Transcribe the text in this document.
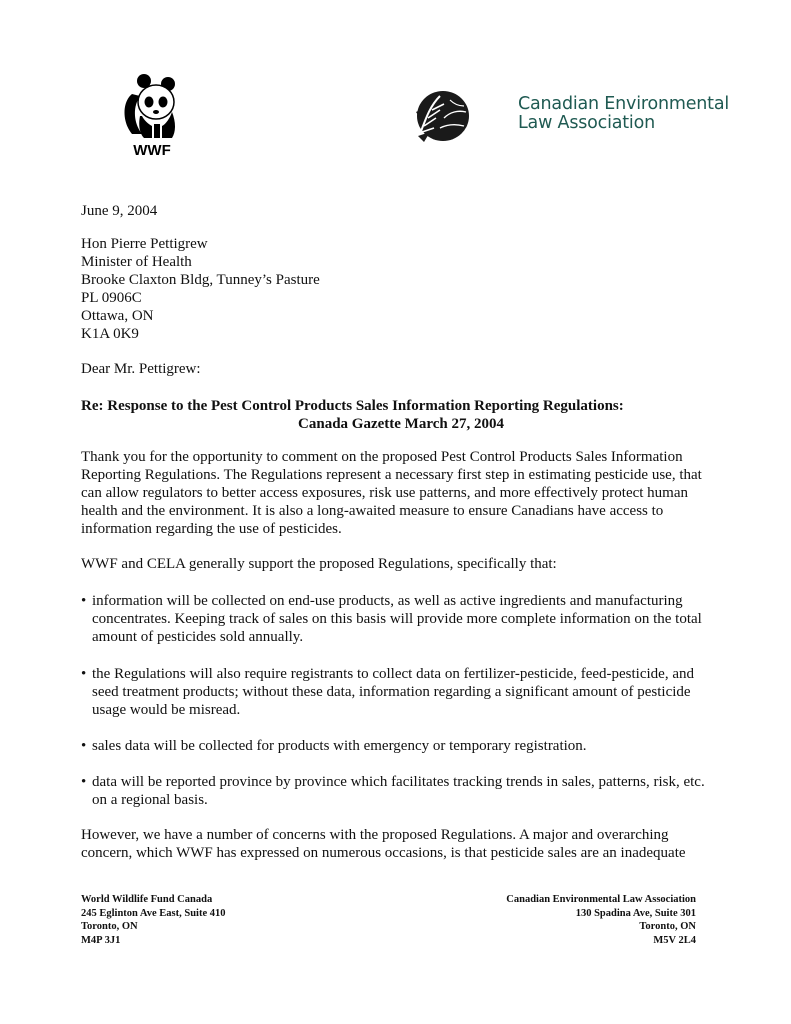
WWF
Canadian Environmental
Law Association
June 9, 2004
Hon Pierre Pettigrew
Minister of Health
Brooke Claxton Bldg, Tunney’s Pasture
PL 0906C
Ottawa, ON
K1A 0K9
Dear Mr. Pettigrew:
Re: Response to the Pest Control Products Sales Information Reporting Regulations:
Canada Gazette March 27, 2004
Thank you for the opportunity to comment on the proposed Pest Control Products Sales Information
Reporting Regulations. The Regulations represent a necessary first step in estimating pesticide use, that
can allow regulators to better access exposures, risk use patterns, and more effectively protect human
health and the environment. It is also a long-awaited measure to ensure Canadians have access to
information regarding the use of pesticides.
WWF and CELA generally support the proposed Regulations, specifically that:
• information will be collected on end-use products, as well as active ingredients and manufacturing
concentrates. Keeping track of sales on this basis will provide more complete information on the total
amount of pesticides sold annually.
• the Regulations will also require registrants to collect data on fertilizer-pesticide, feed-pesticide, and
seed treatment products; without these data, information regarding a significant amount of pesticide
usage would be misread.
• sales data will be collected for products with emergency or temporary registration.
• data will be reported province by province which facilitates tracking trends in sales, patterns, risk, etc.
on a regional basis.
However, we have a number of concerns with the proposed Regulations. A major and overarching
concern, which WWF has expressed on numerous occasions, is that pesticide sales are an inadequate
World Wildlife Fund Canada
245 Eglinton Ave East, Suite 410
Toronto, ON
M4P 3J1
Canadian Environmental Law Association
130 Spadina Ave, Suite 301
Toronto, ON
M5V 2L4
